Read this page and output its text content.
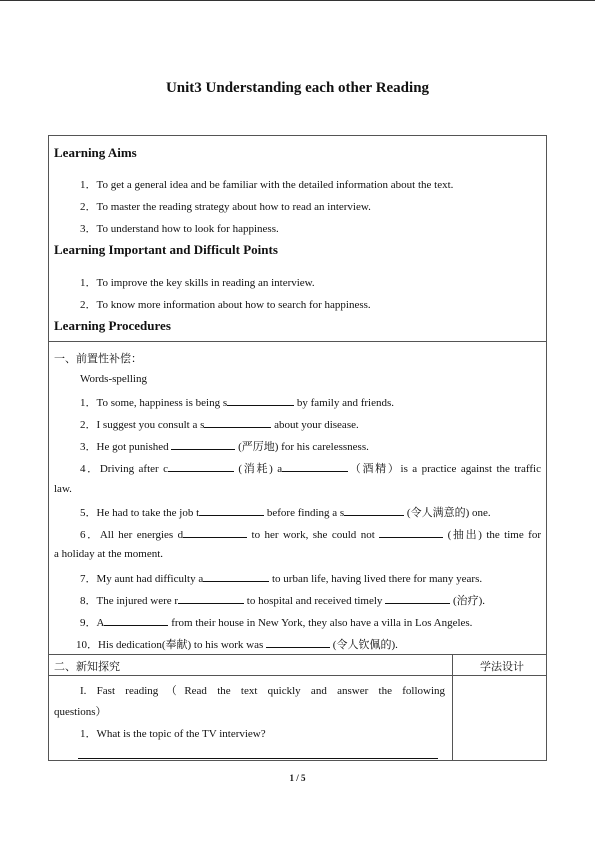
Unit3 Understanding each other Reading
Learning Aims
1．To get a general idea and be familiar with the detailed information about the text.
2．To master the reading strategy about how to read an interview.
3．To understand how to look for happiness.
Learning Important and Difficult Points
1．To improve the key skills in reading an interview.
2．To know more information about how to search for happiness.
Learning Procedures
一、前置性补偿：
Words-spelling
1．To some, happiness is being s	by family and friends.
2．I suggest you consult a s	about your disease.
3．He got punished	(严厉地) for his carelessness.
4．Driving after c	(消耗) a	（酒精）is a practice against the traffic
law.
5．He had to take the job t	before finding a s	(令人满意的) one.
6．All her energies d	to her work, she could not	(抽出) the time for
a holiday at the moment.
7．My aunt had difficulty a	to urban life, having lived there for many years.
8．The injured were r	to hospital and received timely	(治疗).
9．A	from their house in New York, they also have a villa in Los Angeles.
10．His dedication(奉献) to his work was	(令人钦佩的).
二、新知探究	学法设计
I. Fast reading（Read the text quickly and answer the following
questions）
1．What is the topic of the TV interview?
1 / 5
